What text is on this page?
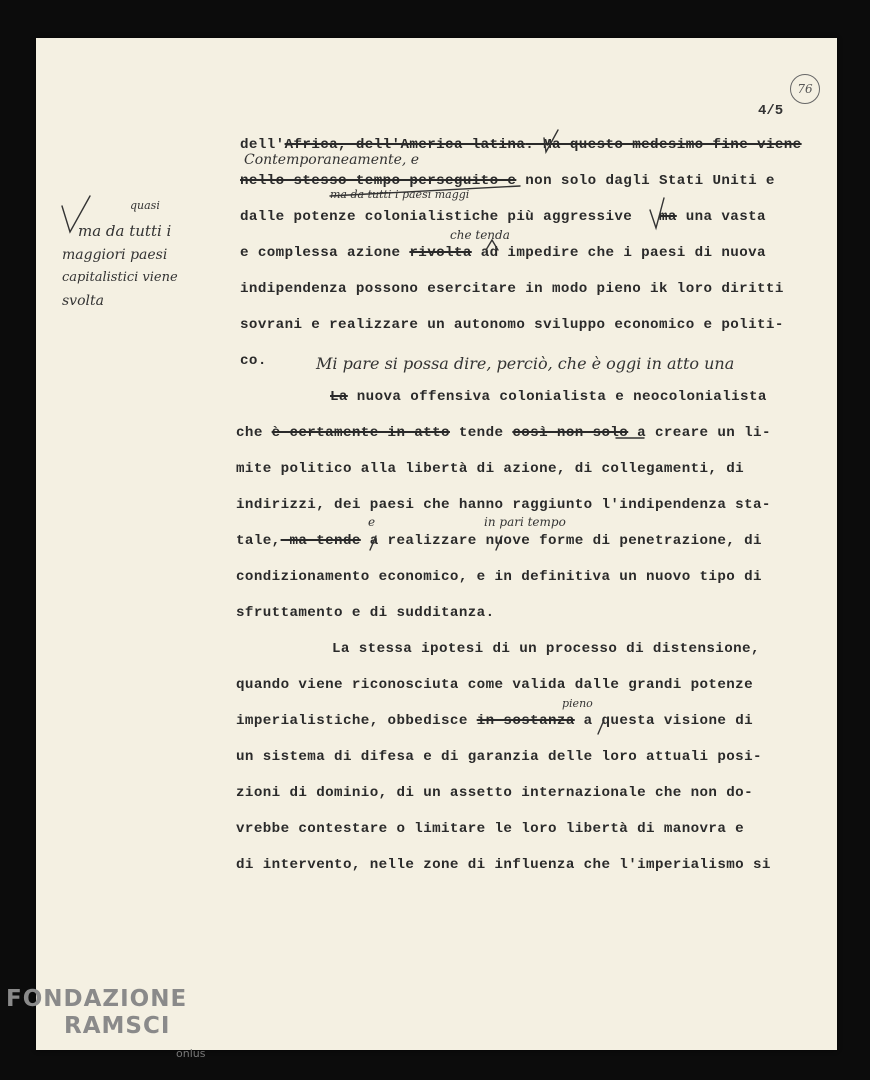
4/5
76
quasi
ma da tutti i
maggiori paesi
capitalistici viene
svolta
dell'Africa, dell'America latina. Ma questo medesimo fine viene
nello stesso tempo perseguito e non solo dagli Stati Uniti e
dalle potenze colonialistiche più aggressive ma una vasta
e complessa azione rivolta ad impedire che i paesi di nuova
indipendenza possono esercitare in modo pieno ik loro diritti
sovrani e realizzare un autonomo sviluppo economico e politi-
co.
La nuova offensiva colonialista e neocolonialista
che è certamente in atto tende così non solo a creare un li-
mite politico alla libertà di azione, di collegamenti, di
indirizzi, dei paesi che hanno raggiunto l'indipendenza sta-
tale, ma tende a realizzare nuove forme di penetrazione, di
condizionamento economico, e in definitiva un nuovo tipo di
sfruttamento e di sudditanza.
La stessa ipotesi di un processo di distensione,
quando viene riconosciuta come valida dalle grandi potenze
imperialistiche, obbedisce in sostanza a questa visione di
un sistema di difesa e di garanzia delle loro attuali posi-
zioni di dominio, di un assetto internazionale che non do-
vrebbe contestare o limitare le loro libertà di manovra e
di intervento, nelle zone di influenza che l'imperialismo si
Contemporaneamente, e
ma da tutti i paesi maggi
che tenda
Mi pare si possa dire, perciò, che è oggi in atto una
e	in pari tempo
pieno
FONDAZIONE
RAMSCI
onlus
